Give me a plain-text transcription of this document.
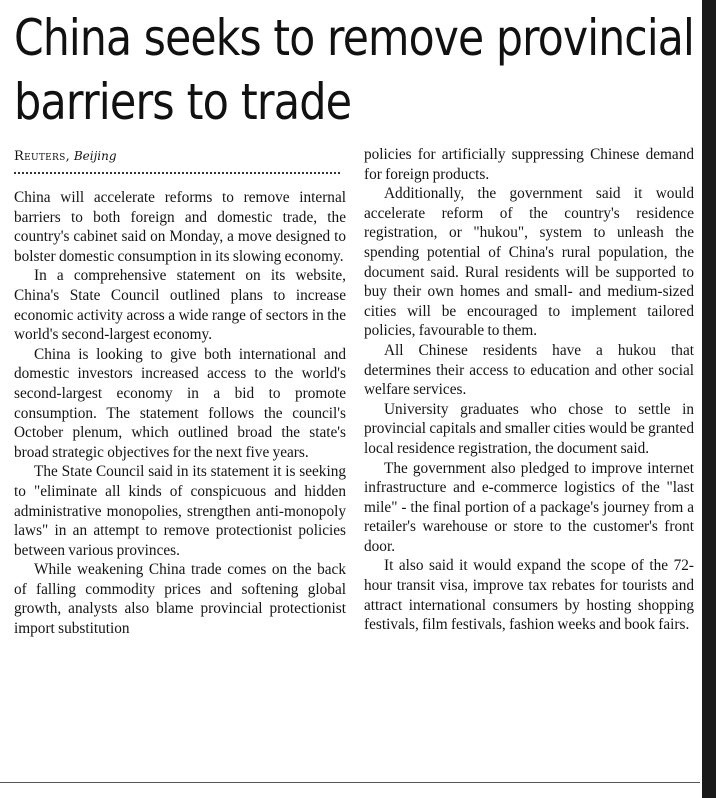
China seeks to remove provincial
barriers to trade
Reuters, Beijing

China will accelerate reforms to remove internal barriers to both foreign and domestic trade, the country's cabinet said on Monday, a move designed to bolster domestic consumption in its slowing economy.

In a comprehensive statement on its website, China's State Council outlined plans to increase economic activity across a wide range of sectors in the world's second-largest economy.

China is looking to give both international and domestic investors increased access to the world's second-largest economy in a bid to promote consumption. The statement follows the council's October plenum, which outlined broad the state's broad strategic objectives for the next five years.

The State Council said in its statement it is seeking to "eliminate all kinds of conspicuous and hidden administrative monopolies, strengthen anti-monopoly laws" in an attempt to remove protectionist policies between various provinces.

While weakening China trade comes on the back of falling commodity prices and softening global growth, analysts also blame provincial protectionist import substitution

policies for artificially suppressing Chinese demand for foreign products.

Additionally, the government said it would accelerate reform of the country's residence registration, or "hukou", system to unleash the spending potential of China's rural population, the document said. Rural residents will be supported to buy their own homes and small- and medium-sized cities will be encouraged to implement tailored policies, favourable to them.

All Chinese residents have a hukou that determines their access to education and other social welfare services.

University graduates who chose to settle in provincial capitals and smaller cities would be granted local residence registration, the document said.

The government also pledged to improve internet infrastructure and e-commerce logistics of the "last mile" - the final portion of a package's journey from a retailer's warehouse or store to the customer's front door.

It also said it would expand the scope of the 72-hour transit visa, improve tax rebates for tourists and attract international consumers by hosting shopping festivals, film festivals, fashion weeks and book fairs.
